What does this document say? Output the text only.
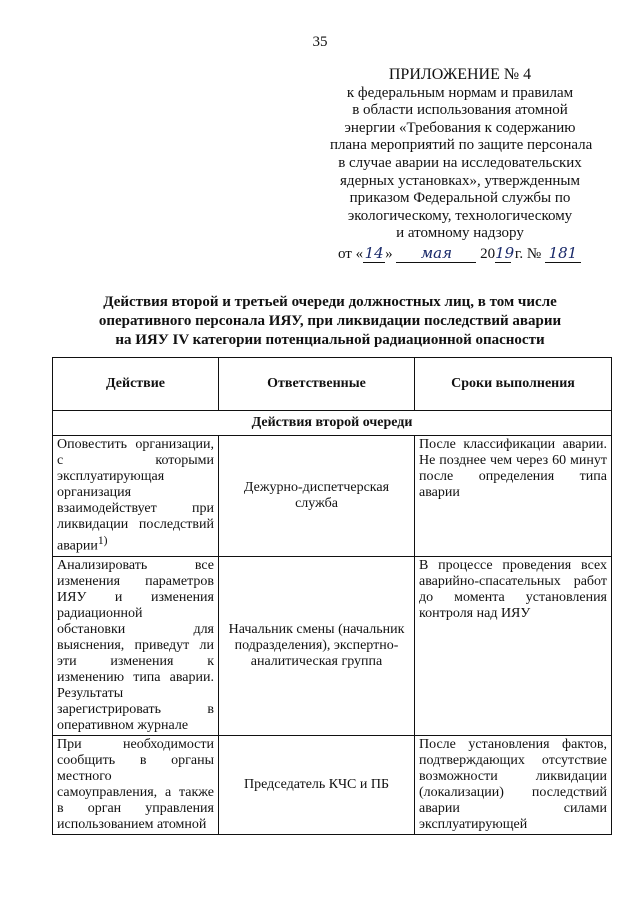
35
ПРИЛОЖЕНИЕ № 4
к федеральным нормам и правилам
в области использования атомной
энергии «Требования к содержанию
плана мероприятий по защите персонала
в случае аварии на исследовательских
ядерных установках», утвержденным
приказом Федеральной службы по
экологическому, технологическому
и атомному надзору
от «14» мая 2019 г. № 181
Действия второй и третьей очереди должностных лиц, в том числе
оперативного персонала ИЯУ, при ликвидации последствий аварии
на ИЯУ IV категории потенциальной радиационной опасности
Действие	Ответственные	Сроки выполнения
Действия второй очереди		
Оповестить организации, с которыми эксплуатирующая организация взаимодействует при ликвидации последствий аварии$^{1)}$	Дежурно-диспетчерская служба	После классификации аварии. Не позднее чем через 60 минут после определения типа аварии
Анализировать все изменения параметров ИЯУ и изменения радиационной обстановки для выяснения, приведут ли эти изменения к изменению типа аварии. Результаты зарегистрировать в оперативном журнале	Начальник смены (начальник подразделения), экспертно-аналитическая группа	В процессе проведения всех аварийно-спасательных работ до момента установления контроля над ИЯУ
При необходимости сообщить в органы местного самоуправления, а также в орган управления использованием атомной	Председатель КЧС и ПБ	После установления фактов, подтверждающих отсутствие возможности ликвидации (локализации) последствий аварии силами эксплуатирующей
